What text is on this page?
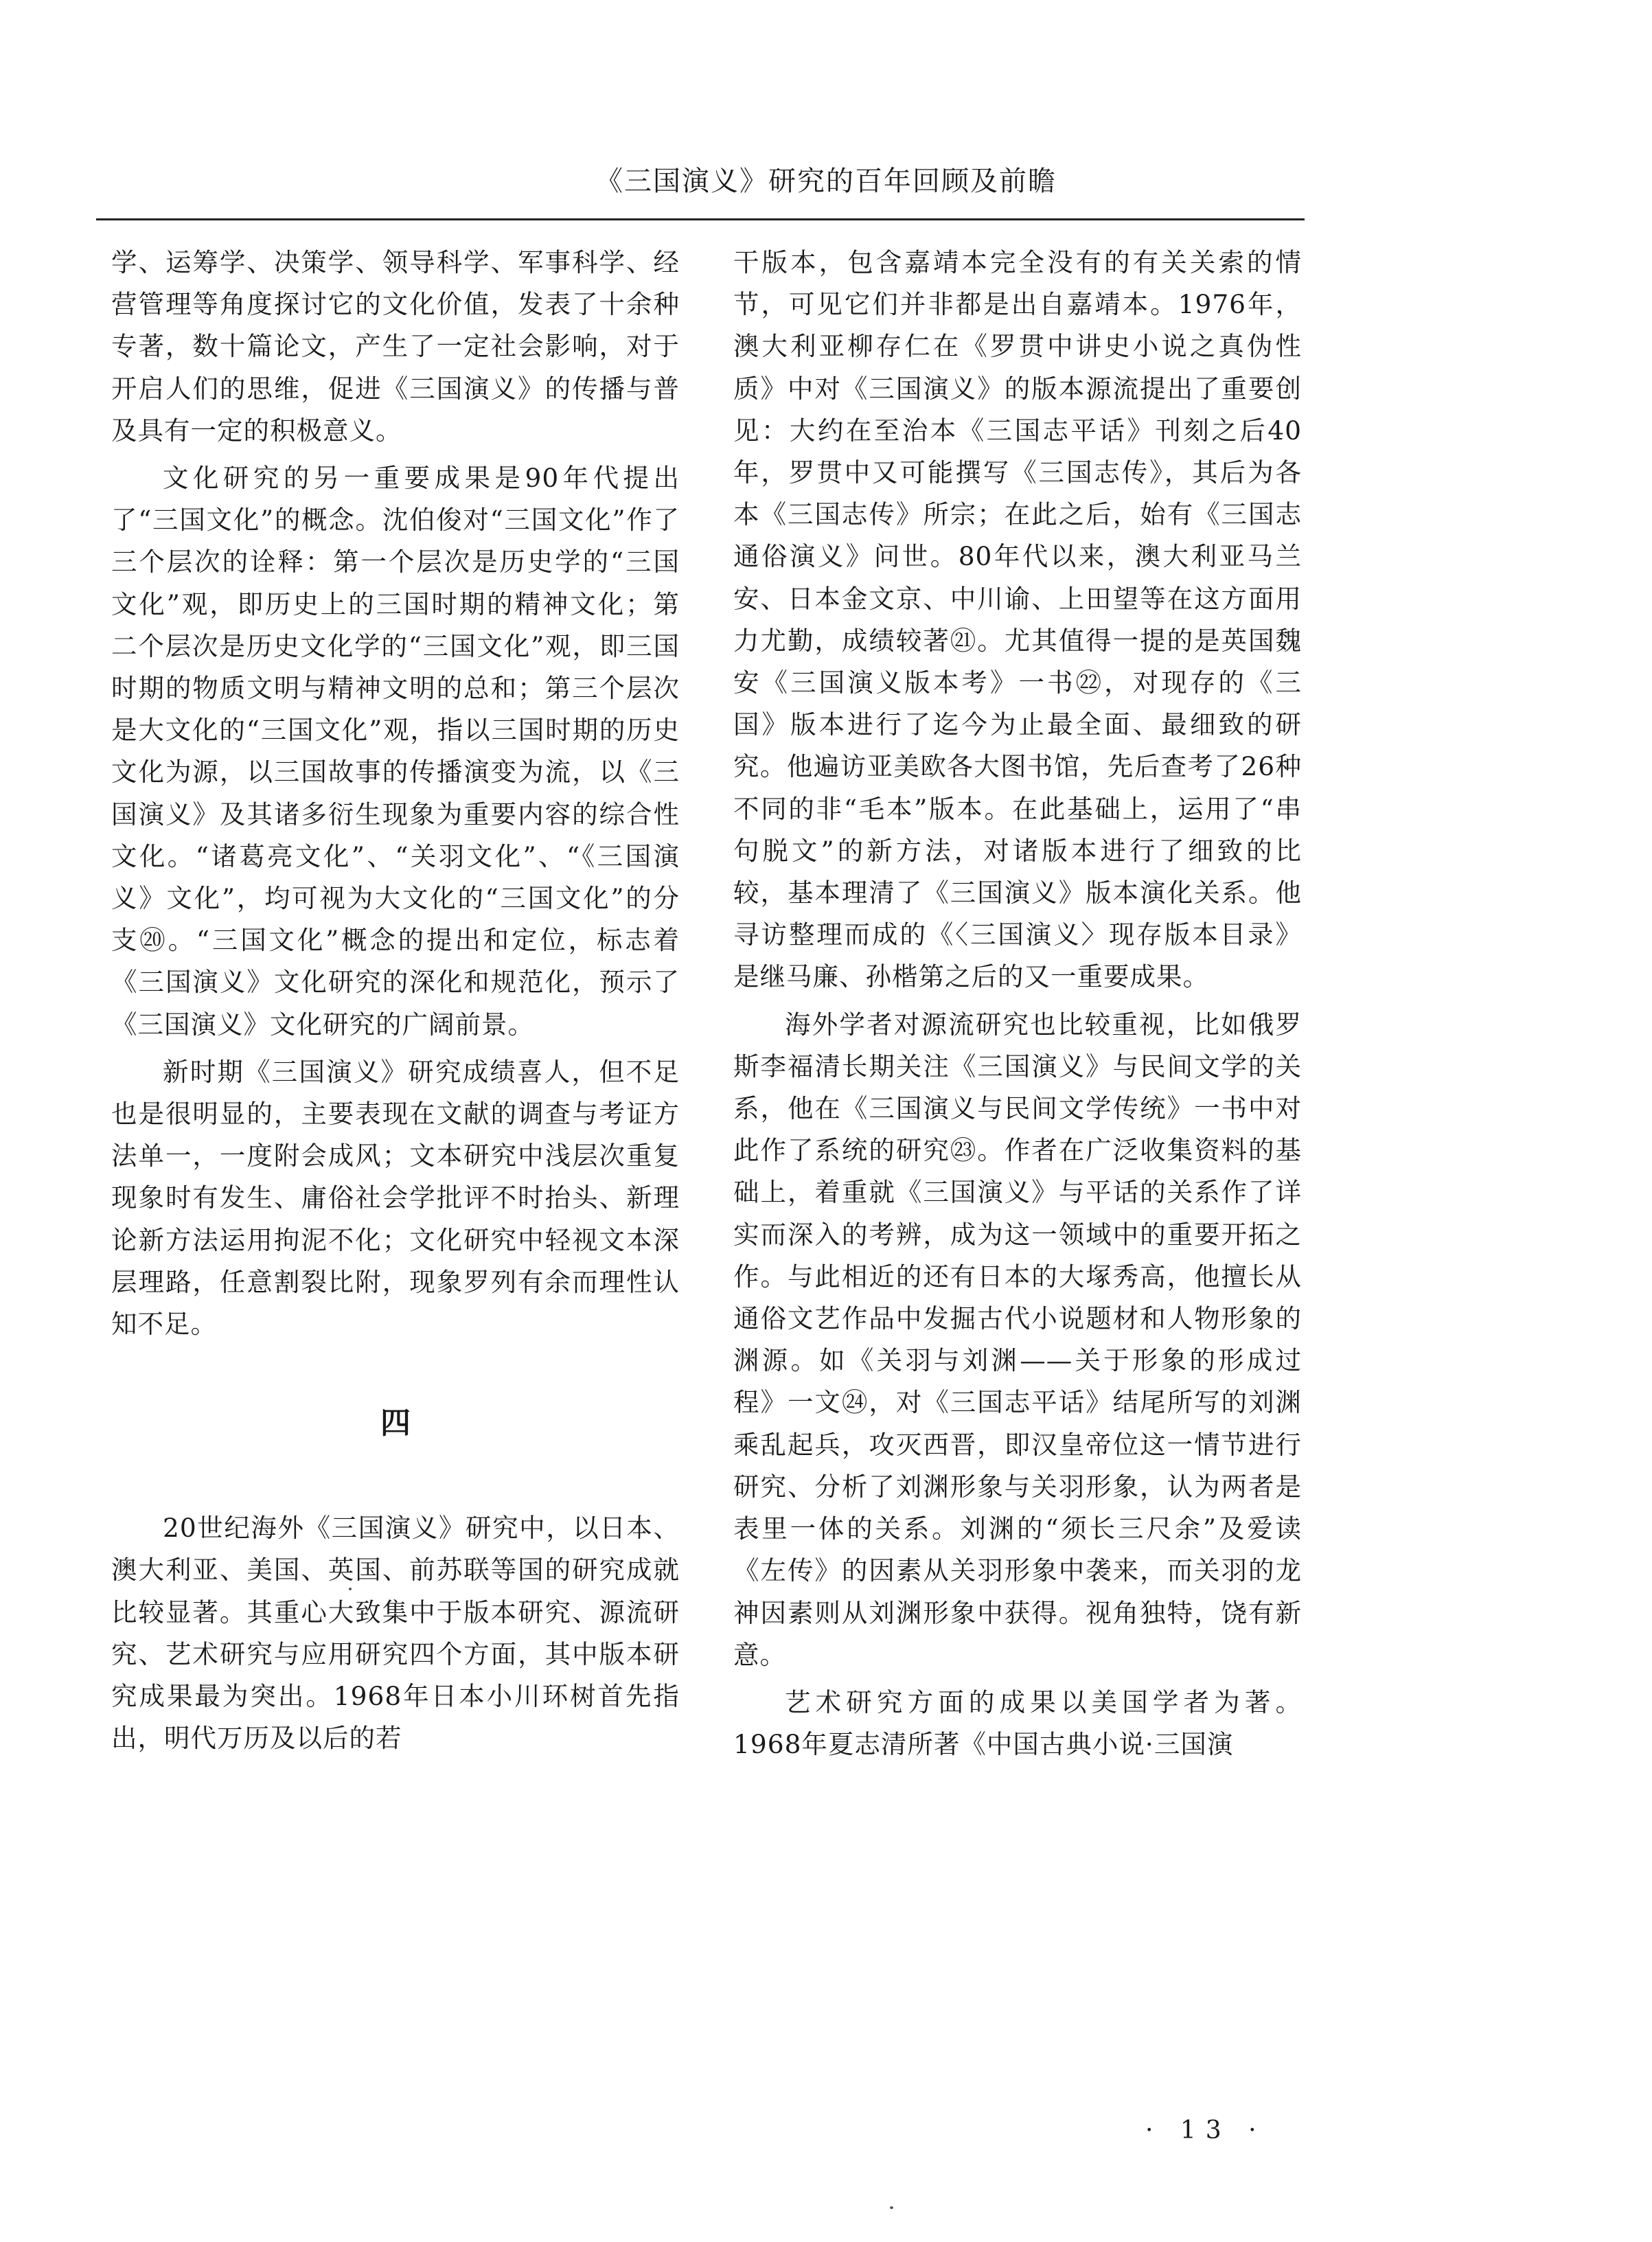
《三国演义》研究的百年回顾及前瞻

学、运筹学、决策学、领导科学、军事科学、经营管理等角度探讨它的文化价值，发表了十余种专著，数十篇论文，产生了一定社会影响，对于开启人们的思维，促进《三国演义》的传播与普及具有一定的积极意义。

文化研究的另一重要成果是90年代提出了“三国文化”的概念。沈伯俊对“三国文化”作了三个层次的诠释：第一个层次是历史学的“三国文化”观，即历史上的三国时期的精神文化；第二个层次是历史文化学的“三国文化”观，即三国时期的物质文明与精神文明的总和；第三个层次是大文化的“三国文化”观，指以三国时期的历史文化为源，以三国故事的传播演变为流，以《三国演义》及其诸多衍生现象为重要内容的综合性文化。“诸葛亮文化”、“关羽文化”、“《三国演义》文化”，均可视为大文化的“三国文化”的分支⑳。“三国文化”概念的提出和定位，标志着《三国演义》文化研究的深化和规范化，预示了《三国演义》文化研究的广阔前景。

新时期《三国演义》研究成绩喜人，但不足也是很明显的，主要表现在文献的调查与考证方法单一，一度附会成风；文本研究中浅层次重复现象时有发生、庸俗社会学批评不时抬头、新理论新方法运用拘泥不化；文化研究中轻视文本深层理路，任意割裂比附，现象罗列有余而理性认知不足。

四

20世纪海外《三国演义》研究中，以日本、澳大利亚、美国、英国、前苏联等国的研究成就比较显著。其重心大致集中于版本研究、源流研究、艺术研究与应用研究四个方面，其中版本研究成果最为突出。1968年日本小川环树首先指出，明代万历及以后的若

干版本，包含嘉靖本完全没有的有关关索的情节，可见它们并非都是出自嘉靖本。1976年，澳大利亚柳存仁在《罗贯中讲史小说之真伪性质》中对《三国演义》的版本源流提出了重要创见：大约在至治本《三国志平话》刊刻之后40年，罗贯中又可能撰写《三国志传》，其后为各本《三国志传》所宗；在此之后，始有《三国志通俗演义》问世。80年代以来，澳大利亚马兰安、日本金文京、中川谕、上田望等在这方面用力尤勤，成绩较著㉑。尤其值得一提的是英国魏安《三国演义版本考》一书㉒，对现存的《三国》版本进行了迄今为止最全面、最细致的研究。他遍访亚美欧各大图书馆，先后查考了26种不同的非“毛本”版本。在此基础上，运用了“串句脱文”的新方法，对诸版本进行了细致的比较，基本理清了《三国演义》版本演化关系。他寻访整理而成的《〈三国演义〉现存版本目录》是继马廉、孙楷第之后的又一重要成果。

海外学者对源流研究也比较重视，比如俄罗斯李福清长期关注《三国演义》与民间文学的关系，他在《三国演义与民间文学传统》一书中对此作了系统的研究㉓。作者在广泛收集资料的基础上，着重就《三国演义》与平话的关系作了详实而深入的考辨，成为这一领域中的重要开拓之作。与此相近的还有日本的大塚秀高，他擅长从通俗文艺作品中发掘古代小说题材和人物形象的渊源。如《关羽与刘渊——关于形象的形成过程》一文㉔，对《三国志平话》结尾所写的刘渊乘乱起兵，攻灭西晋，即汉皇帝位这一情节进行研究、分析了刘渊形象与关羽形象，认为两者是表里一体的关系。刘渊的“须长三尺余”及爱读《左传》的因素从关羽形象中袭来，而关羽的龙神因素则从刘渊形象中获得。视角独特，饶有新意。

艺术研究方面的成果以美国学者为著。1968年夏志清所著《中国古典小说·三国演

· 13 ·
